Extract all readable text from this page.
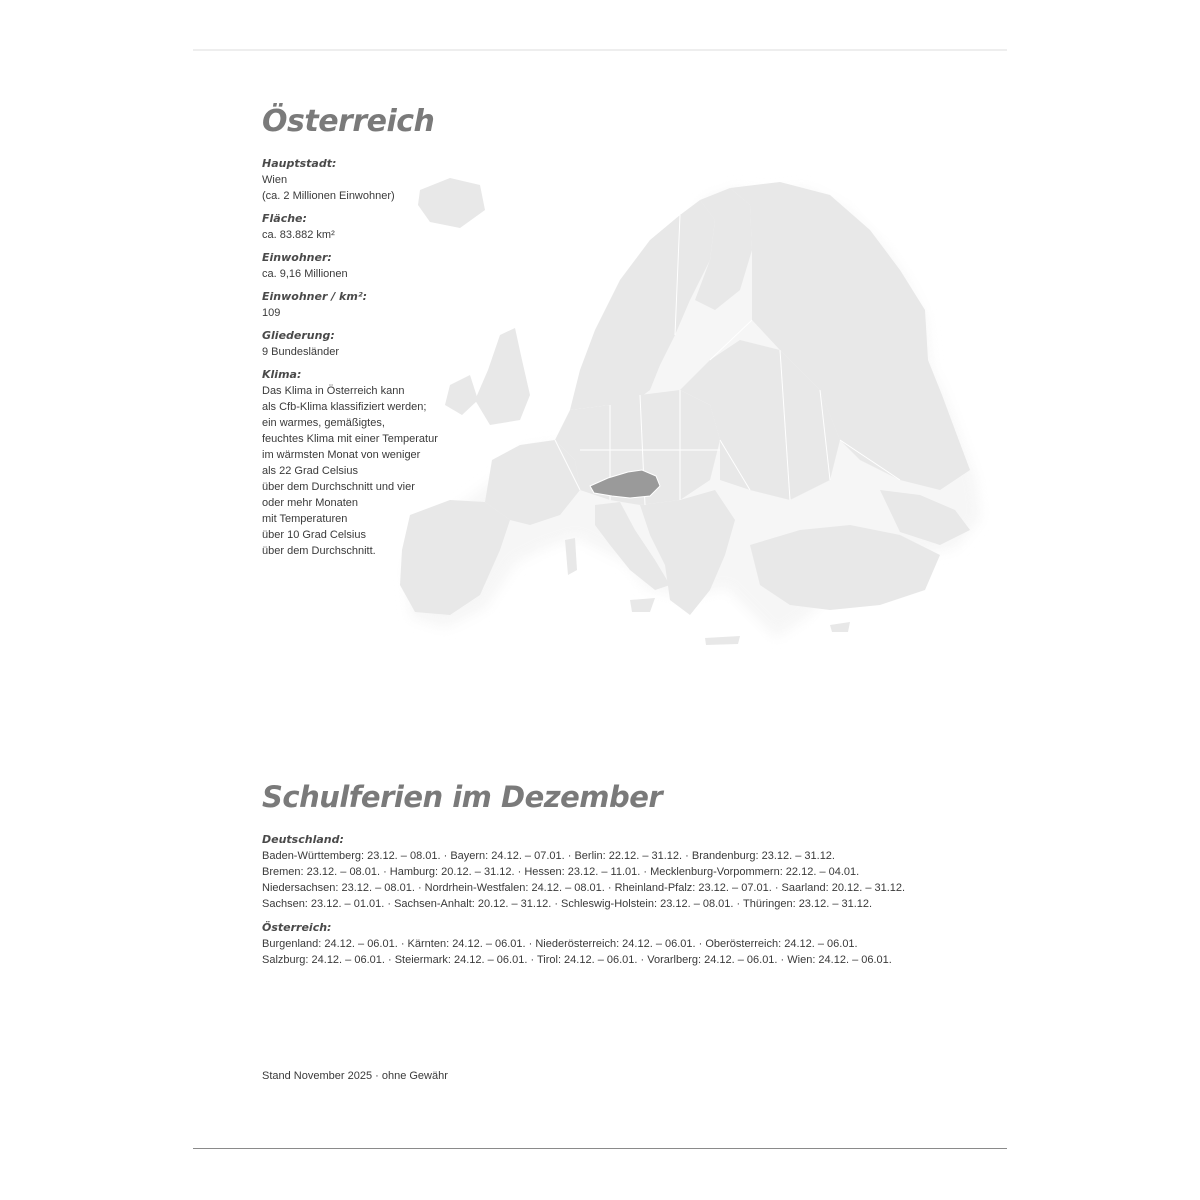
Österreich
Hauptstadt:
Wien
(ca. 2 Millionen Einwohner)
Fläche:
ca. 83.882 km²
Einwohner:
ca. 9,16 Millionen
Einwohner / km²:
109
Gliederung:
9 Bundesländer
Klima:
Das Klima in Österreich kann
als Cfb-Klima klassifiziert werden;
ein warmes, gemäßigtes,
feuchtes Klima mit einer Temperatur
im wärmsten Monat von weniger
als 22 Grad Celsius
über dem Durchschnitt und vier
oder mehr Monaten
mit Temperaturen
über 10 Grad Celsius
über dem Durchschnitt.
Schulferien im Dezember
Deutschland:
Baden-Württemberg: 23.12. – 08.01. · Bayern: 24.12. – 07.01. · Berlin: 22.12. – 31.12. · Brandenburg: 23.12. – 31.12.
Bremen: 23.12. – 08.01. · Hamburg: 20.12. – 31.12. · Hessen: 23.12. – 11.01. · Mecklenburg-Vorpommern: 22.12. – 04.01.
Niedersachsen: 23.12. – 08.01. · Nordrhein-Westfalen: 24.12. – 08.01. · Rheinland-Pfalz: 23.12. – 07.01. · Saarland: 20.12. – 31.12.
Sachsen: 23.12. – 01.01. · Sachsen-Anhalt: 20.12. – 31.12. · Schleswig-Holstein: 23.12. – 08.01. · Thüringen: 23.12. – 31.12.
Österreich:
Burgenland: 24.12. – 06.01. · Kärnten: 24.12. – 06.01. · Niederösterreich: 24.12. – 06.01. · Oberösterreich: 24.12. – 06.01.
Salzburg: 24.12. – 06.01. · Steiermark: 24.12. – 06.01. · Tirol: 24.12. – 06.01. · Vorarlberg: 24.12. – 06.01. · Wien: 24.12. – 06.01.
Stand November 2025 · ohne Gewähr
